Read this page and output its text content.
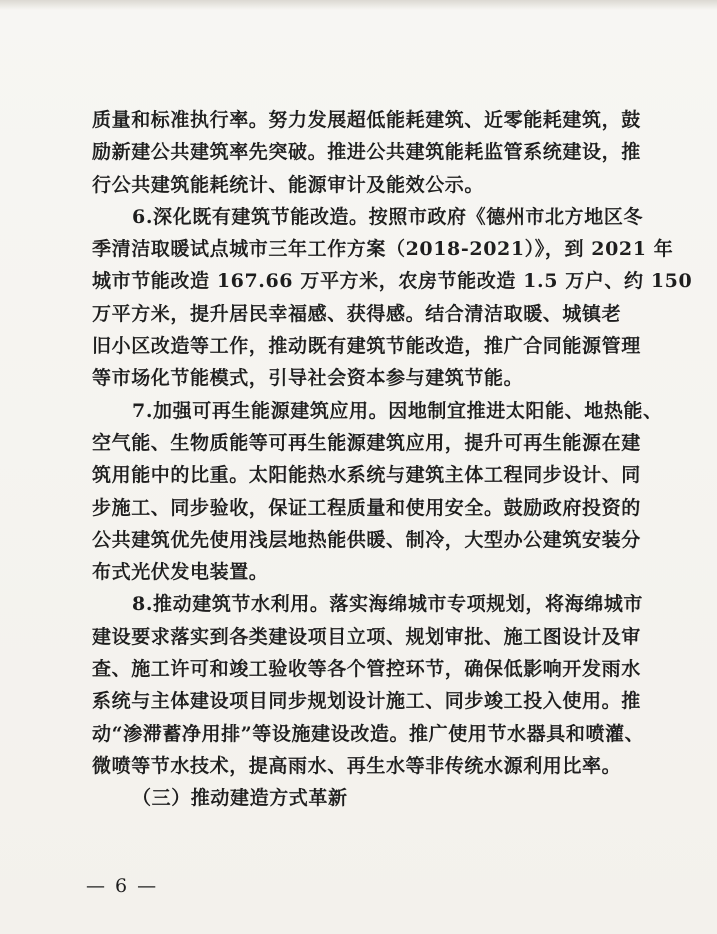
质量和标准执行率。努力发展超低能耗建筑、近零能耗建筑，鼓
励新建公共建筑率先突破。推进公共建筑能耗监管系统建设，推
行公共建筑能耗统计、能源审计及能效公示。
6.深化既有建筑节能改造。按照市政府《德州市北方地区冬
季清洁取暖试点城市三年工作方案（2018-2021）》，到 2021 年
城市节能改造 167.66 万平方米，农房节能改造 1.5 万户、约 150
万平方米，提升居民幸福感、获得感。结合清洁取暖、城镇老
旧小区改造等工作，推动既有建筑节能改造，推广合同能源管理
等市场化节能模式，引导社会资本参与建筑节能。
7.加强可再生能源建筑应用。因地制宜推进太阳能、地热能、
空气能、生物质能等可再生能源建筑应用，提升可再生能源在建
筑用能中的比重。太阳能热水系统与建筑主体工程同步设计、同
步施工、同步验收，保证工程质量和使用安全。鼓励政府投资的
公共建筑优先使用浅层地热能供暖、制冷，大型办公建筑安装分
布式光伏发电装置。
8.推动建筑节水利用。落实海绵城市专项规划，将海绵城市
建设要求落实到各类建设项目立项、规划审批、施工图设计及审
查、施工许可和竣工验收等各个管控环节，确保低影响开发雨水
系统与主体建设项目同步规划设计施工、同步竣工投入使用。推
动“渗滞蓄净用排”等设施建设改造。推广使用节水器具和喷灌、
微喷等节水技术，提高雨水、再生水等非传统水源利用比率。
（三）推动建造方式革新
— 6 —
